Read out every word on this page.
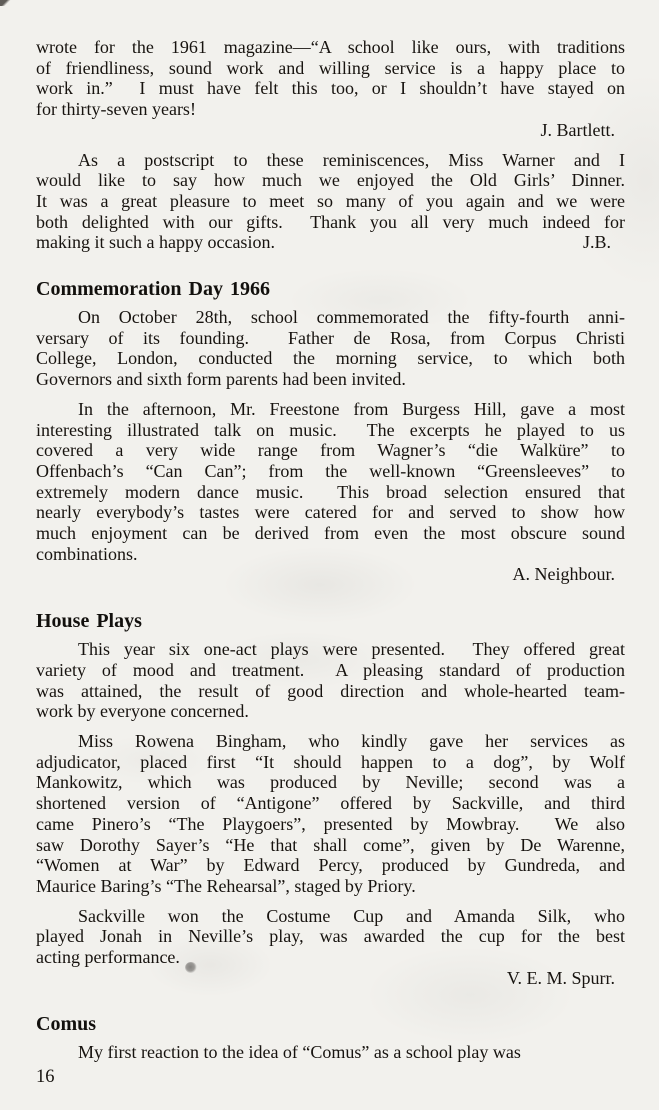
wrote for the 1961 magazine—“A school like ours, with traditions
of friendliness, sound work and willing service is a happy place to
work in.”  I must have felt this too, or I shouldn’t have stayed on
for thirty-seven years!
J. Bartlett.
As a postscript to these reminiscences, Miss Warner and I
would like to say how much we enjoyed the Old Girls’ Dinner.
It was a great pleasure to meet so many of you again and we were
both delighted with our gifts.  Thank you all very much indeed for
making it such a happy occasion.	J.B.
Commemoration Day 1966
On October 28th, school commemorated the fifty-fourth anni-
versary of its founding.  Father de Rosa, from Corpus Christi
College, London, conducted the morning service, to which both
Governors and sixth form parents had been invited.
In the afternoon, Mr. Freestone from Burgess Hill, gave a most
interesting illustrated talk on music.  The excerpts he played to us
covered a very wide range from Wagner’s “die Walküre” to
Offenbach’s “Can Can”; from the well-known “Greensleeves” to
extremely modern dance music.  This broad selection ensured that
nearly everybody’s tastes were catered for and served to show how
much enjoyment can be derived from even the most obscure sound
combinations.
A. Neighbour.
House Plays
This year six one-act plays were presented.  They offered great
variety of mood and treatment.  A pleasing standard of production
was attained, the result of good direction and whole-hearted team-
work by everyone concerned.
Miss Rowena Bingham, who kindly gave her services as
adjudicator, placed first “It should happen to a dog”, by Wolf
Mankowitz, which was produced by Neville; second was a
shortened version of “Antigone” offered by Sackville, and third
came Pinero’s “The Playgoers”, presented by Mowbray.  We also
saw Dorothy Sayer’s “He that shall come”, given by De Warenne,
“Women at War” by Edward Percy, produced by Gundreda, and
Maurice Baring’s “The Rehearsal”, staged by Priory.
Sackville won the Costume Cup and Amanda Silk, who
played Jonah in Neville’s play, was awarded the cup for the best
acting performance.
V. E. M. Spurr.
Comus
My first reaction to the idea of “Comus” as a school play was
16
